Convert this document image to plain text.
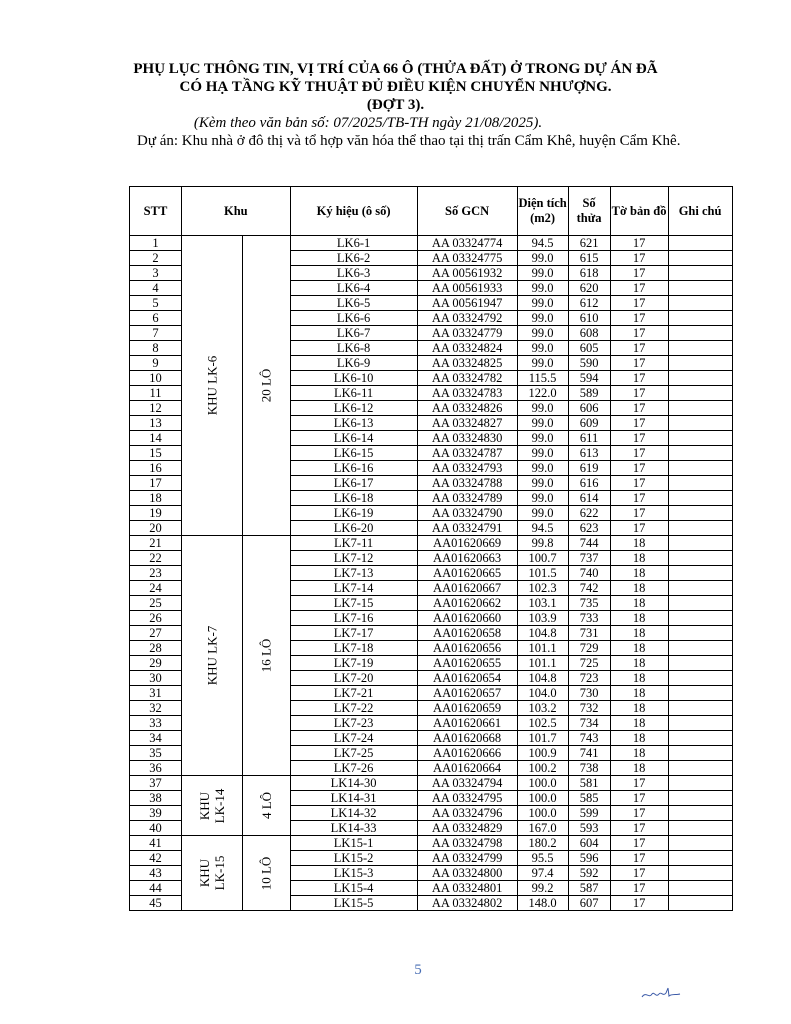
PHỤ LỤC THÔNG TIN, VỊ TRÍ CỦA 66 Ô (THỬA ĐẤT) Ở TRONG DỰ ÁN ĐÃ
CÓ HẠ TẦNG KỸ THUẬT ĐỦ ĐIỀU KIỆN CHUYỂN NHƯỢNG.
(ĐỢT 3).
(Kèm theo văn bản số: 07/2025/TB-TH ngày 21/08/2025).
Dự án: Khu nhà ở đô thị và tổ hợp văn hóa thể thao tại thị trấn Cẩm Khê, huyện Cẩm Khê.
STT	Khu		Ký hiệu (ô số)	Số GCN	Diện tích (m2)	Số thửa	Tờ bản đồ	Ghi chú
1	KHU LK-6	20 LÔ	LK6-1	AA 03324774	94.5	621	17	
2			LK6-2	AA 03324775	99.0	615	17	
3			LK6-3	AA 00561932	99.0	618	17	
4			LK6-4	AA 00561933	99.0	620	17	
5			LK6-5	AA 00561947	99.0	612	17	
6			LK6-6	AA 03324792	99.0	610	17	
7			LK6-7	AA 03324779	99.0	608	17	
8			LK6-8	AA 03324824	99.0	605	17	
9			LK6-9	AA 03324825	99.0	590	17	
10			LK6-10	AA 03324782	115.5	594	17	
11			LK6-11	AA 03324783	122.0	589	17	
12			LK6-12	AA 03324826	99.0	606	17	
13			LK6-13	AA 03324827	99.0	609	17	
14			LK6-14	AA 03324830	99.0	611	17	
15			LK6-15	AA 03324787	99.0	613	17	
16			LK6-16	AA 03324793	99.0	619	17	
17			LK6-17	AA 03324788	99.0	616	17	
18			LK6-18	AA 03324789	99.0	614	17	
19			LK6-19	AA 03324790	99.0	622	17	
20			LK6-20	AA 03324791	94.5	623	17	
21	KHU LK-7	16 LÔ	LK7-11	AA01620669	99.8	744	18	
22			LK7-12	AA01620663	100.7	737	18	
23			LK7-13	AA01620665	101.5	740	18	
24			LK7-14	AA01620667	102.3	742	18	
25			LK7-15	AA01620662	103.1	735	18	
26			LK7-16	AA01620660	103.9	733	18	
27			LK7-17	AA01620658	104.8	731	18	
28			LK7-18	AA01620656	101.1	729	18	
29			LK7-19	AA01620655	101.1	725	18	
30			LK7-20	AA01620654	104.8	723	18	
31			LK7-21	AA01620657	104.0	730	18	
32			LK7-22	AA01620659	103.2	732	18	
33			LK7-23	AA01620661	102.5	734	18	
34			LK7-24	AA01620668	101.7	743	18	
35			LK7-25	AA01620666	100.9	741	18	
36			LK7-26	AA01620664	100.2	738	18	
37	KHU LK-14	4 LÔ	LK14-30	AA 03324794	100.0	581	17	
38			LK14-31	AA 03324795	100.0	585	17	
39			LK14-32	AA 03324796	100.0	599	17	
40			LK14-33	AA 03324829	167.0	593	17	
41	KHU LK-15	10 LÔ	LK15-1	AA 03324798	180.2	604	17	
42			LK15-2	AA 03324799	95.5	596	17	
43			LK15-3	AA 03324800	97.4	592	17	
44			LK15-4	AA 03324801	99.2	587	17	
45			LK15-5	AA 03324802	148.0	607	17	
5
